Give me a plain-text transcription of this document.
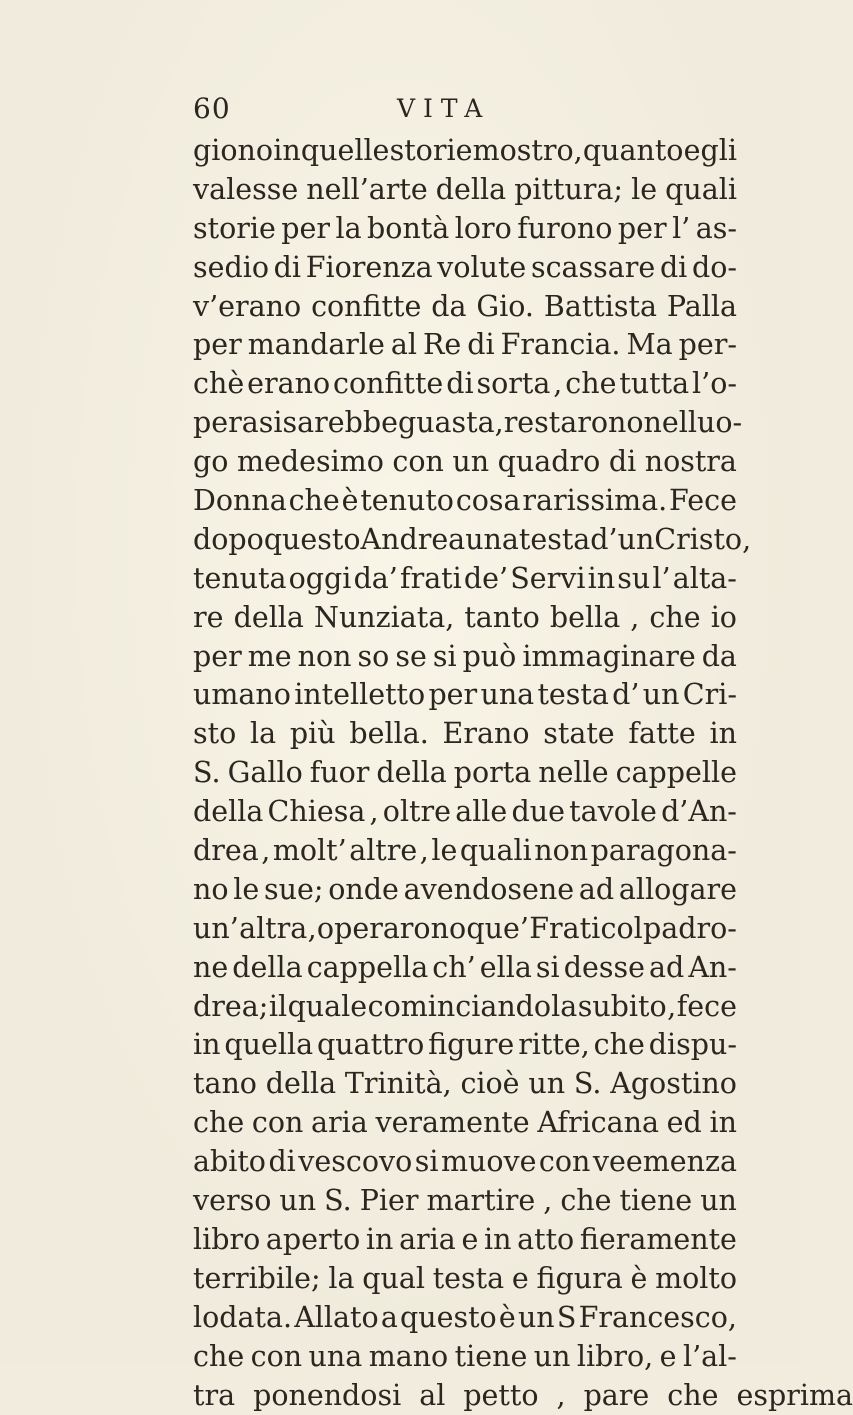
60	VITA
giono in quelle storie mostro, quanto egli
valesse nell’arte della pittura; le quali
storie per la bontà loro furono per l’ as-
sedio di Fiorenza volute scassare di do-
v’erano confitte da Gio. Battista Palla
per mandarle al Re di Francia. Ma per-
chè erano confitte di sorta , che tutta l’o-
pera si sarebbe guasta , restarono nel luo-
go medesimo con un quadro di nostra
Donna che è tenuto cosa rarissima. Fece
dopo questo Andrea una testa d’un Cristo,
tenuta oggi da’ frati de’ Servi in su l’ alta-
re della Nunziata, tanto bella , che io
per me non so se si può immaginare da
umano intelletto per una testa d’ un Cri-
sto la più bella. Erano state fatte in
S. Gallo fuor della porta nelle cappelle
della Chiesa , oltre alle due tavole d’An-
drea , molt’ altre , le quali non paragona-
no le sue; onde avendosene ad allogare
un’ altra , operarono que’ Frati col padro-
ne della cappella ch’ ella si desse ad An-
drea; il quale cominciandola subito , fece
in quella quattro figure ritte, che dispu-
tano della Trinità, cioè un S. Agostino
che con aria veramente Africana ed in
abito di vescovo si muove con veemenza
verso un S. Pier martire , che tiene un
libro aperto in aria e in atto fieramente
terribile; la qual testa e figura è molto
lodata. Allato a questo è un S Francesco,
che con una mano tiene un libro, e l’al-
tra ponendosi al petto , pare che esprima
